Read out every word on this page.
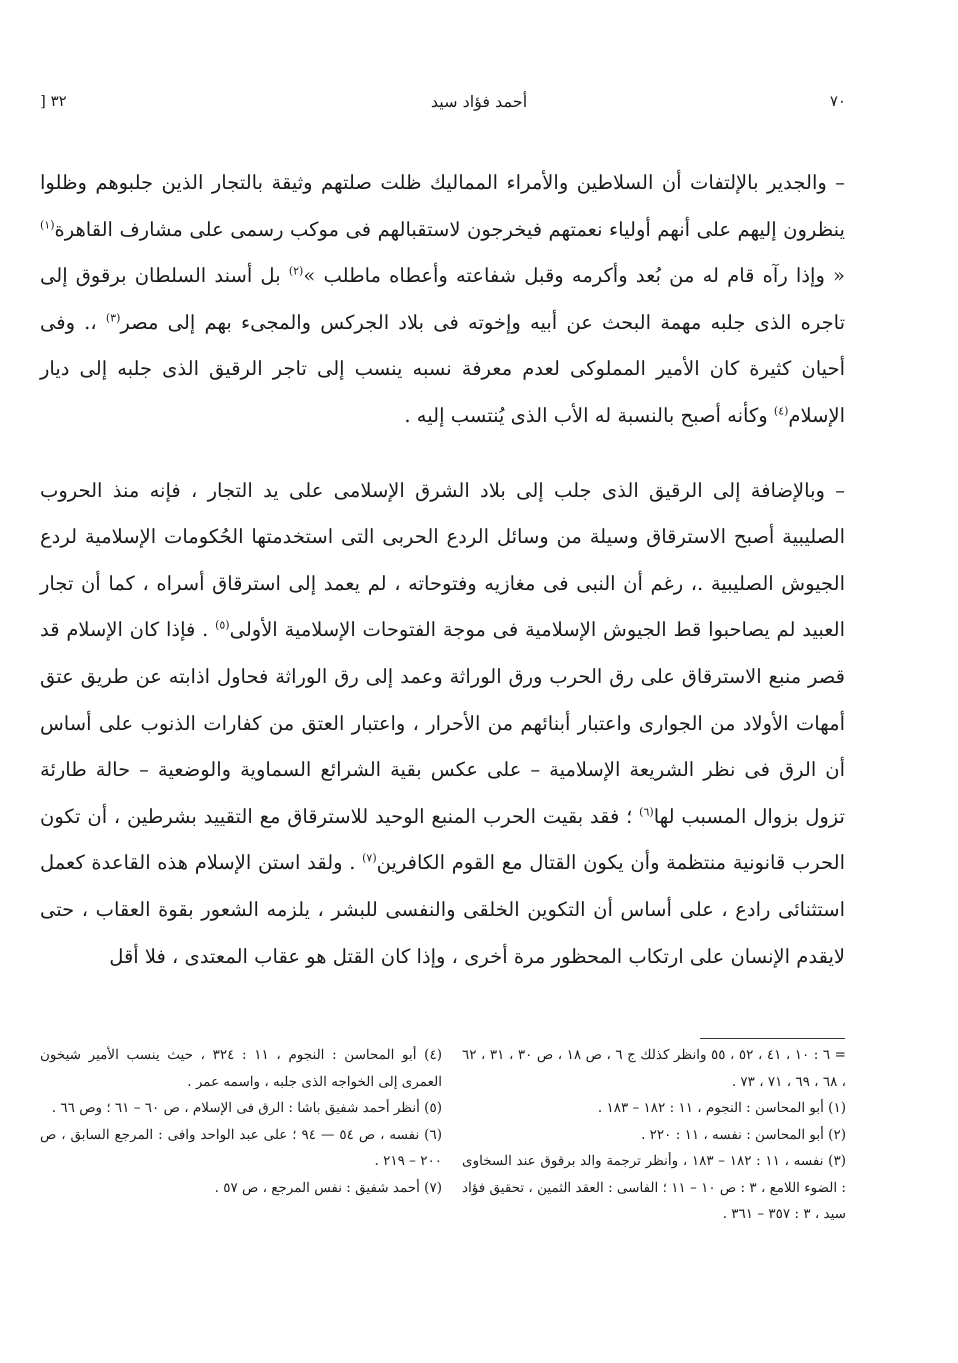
٧٠
أحمد فؤاد سيد
٣٢ [

– والجدير بالإلتفات أن السلاطين والأمراء المماليك ظلت صلتهم وثيقة بالتجار الذين جلبوهم وظلوا ينظرون إليهم على أنهم أولياء نعمتهم فيخرجون لاستقبالهم فى موكب رسمى على مشارف القاهرة$^{(١)}$ « وإذا رآه قام له من بُعد وأكرمه وقبل شفاعته وأعطاه ماطلب »$^{(٢)}$ بل أسند السلطان برقوق إلى تاجره الذى جلبه مهمة البحث عن أبيه وإخوته فى بلاد الجركس والمجىء بهم إلى مصر$^{(٣)}$ ،. وفى أحيان كثيرة كان الأمير المملوكى لعدم معرفة نسبه ينسب إلى تاجر الرقيق الذى جلبه إلى ديار الإسلام$^{(٤)}$ وكأنه أصبح بالنسبة له الأب الذى يُنتسب إليه .

– وبالإضافة إلى الرقيق الذى جلب إلى بلاد الشرق الإسلامى على يد التجار ، فإنه منذ الحروب الصليبية أصبح الاسترقاق وسيلة من وسائل الردع الحربى التى استخدمتها الحُكومات الإسلامية لردع الجيوش الصليبية .، رغم أن النبى فى مغازيه وفتوحاته ، لم يعمد إلى استرقاق أسراه ، كما أن تجار العبيد لم يصاحبوا قط الجيوش الإسلامية فى موجة الفتوحات الإسلامية الأولى$^{(٥)}$ . فإذا كان الإسلام قد قصر منبع الاسترقاق على رق الحرب ورق الوراثة وعمد إلى رق الوراثة فحاول اذابته عن طريق عتق أمهات الأولاد من الجوارى واعتبار أبنائهم من الأحرار ، واعتبار العتق من كفارات الذنوب على أساس أن الرق فى نظر الشريعة الإسلامية – على عكس بقية الشرائع السماوية والوضعية – حالة طارئة تزول بزوال المسبب لها$^{(٦)}$ ؛ فقد بقيت الحرب المنبع الوحيد للاسترقاق مع التقييد بشرطين ، أن تكون الحرب قانونية منتظمة وأن يكون القتال مع القوم الكافرين$^{(٧)}$ . ولقد استن الإسلام هذه القاعدة كعمل استثنائى رادع ، على أساس أن التكوين الخلقى والنفسى للبشر ، يلزمه الشعور بقوة العقاب ، حتى لايقدم الإنسان على ارتكاب المحظور مرة أخرى ، وإذا كان القتل هو عقاب المعتدى ، فلا أقل

= ٦ : ١٠ ، ٤١ ، ٥٢ ، ٥٥ وانظر كذلك ج ٦ ، ص ١٨ ، ص ٣٠ ، ٣١ ، ٦٢ ، ٦٨ ، ٦٩ ، ٧١ ، ٧٣ .

(١) أبو المحاسن : النجوم ، ١١ : ١٨٢ – ١٨٣ .

(٢) أبو المحاسن : نفسه ، ١١ : ٢٢٠ .

(٣) نفسه ، ١١ : ١٨٢ – ١٨٣ ، وأنظر ترجمة والد برقوق عند السخاوى : الضوء اللامع ، ٣ : ص ١٠ – ١١ ؛ الفاسى : العقد الثمين ، تحقيق فؤاد سيد ، ٣ : ٣٥٧ – ٣٦١ .

(٤) أبو المحاسن : النجوم ، ١١ : ٣٢٤ ، حيث ينسب الأمير شيخون العمرى إلى الخواجه الذى جلبه ، واسمه عمر .

(٥) أنظر أحمد شفيق باشا : الرق فى الإسلام ، ص ٦٠ – ٦١ ؛ وص ٦٦ .

(٦) نفسه ، ص ٥٤ — ٩٤ ؛ على عبد الواحد وافى : المرجع السابق ، ص ٢٠٠ – ٢١٩ .

(٧) أحمد شفيق : نفس المرجع ، ص ٥٧ .
